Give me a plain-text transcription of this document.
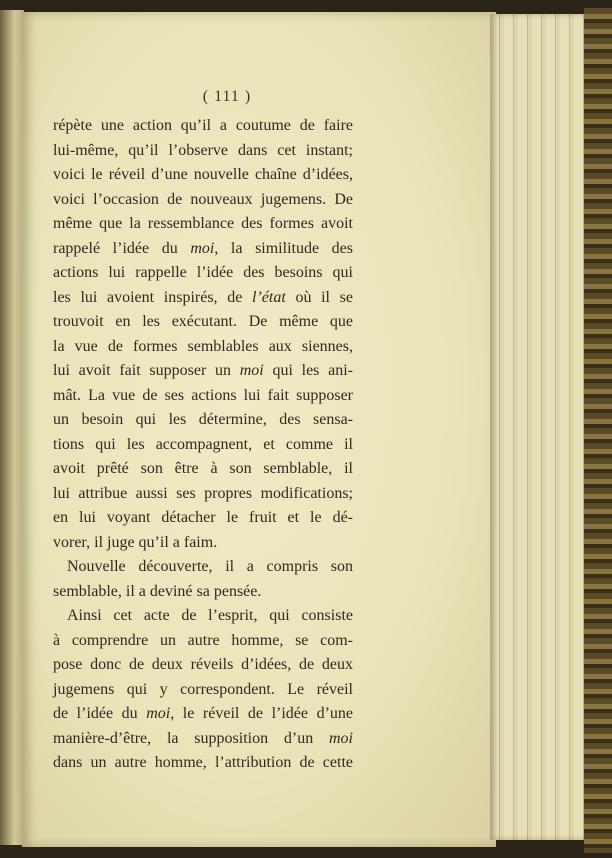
( 111 )
répète une action qu’il a coutume de faire
lui-même, qu’il l’observe dans cet instant;
voici le réveil d’une nouvelle chaîne d’idées,
voici l’occasion de nouveaux jugemens. De
même que la ressemblance des formes avoit
rappelé l’idée du moi, la similitude des
actions lui rappelle l’idée des besoins qui
les lui avoient inspirés, de l’état où il se
trouvoit en les exécutant. De même que
la vue de formes semblables aux siennes,
lui avoit fait supposer un moi qui les ani-
mât. La vue de ses actions lui fait supposer
un besoin qui les détermine, des sensa-
tions qui les accompagnent, et comme il
avoit prêté son être à son semblable, il
lui attribue aussi ses propres modifications;
en lui voyant détacher le fruit et le dé-
vorer, il juge qu’il a faim.
Nouvelle découverte, il a compris son
semblable, il a deviné sa pensée.
Ainsi cet acte de l’esprit, qui consiste
à comprendre un autre homme, se com-
pose donc de deux réveils d’idées, de deux
jugemens qui y correspondent. Le réveil
de l’idée du moi, le réveil de l’idée d’une
manière-d’être, la supposition d’un moi
dans un autre homme, l’attribution de cette
